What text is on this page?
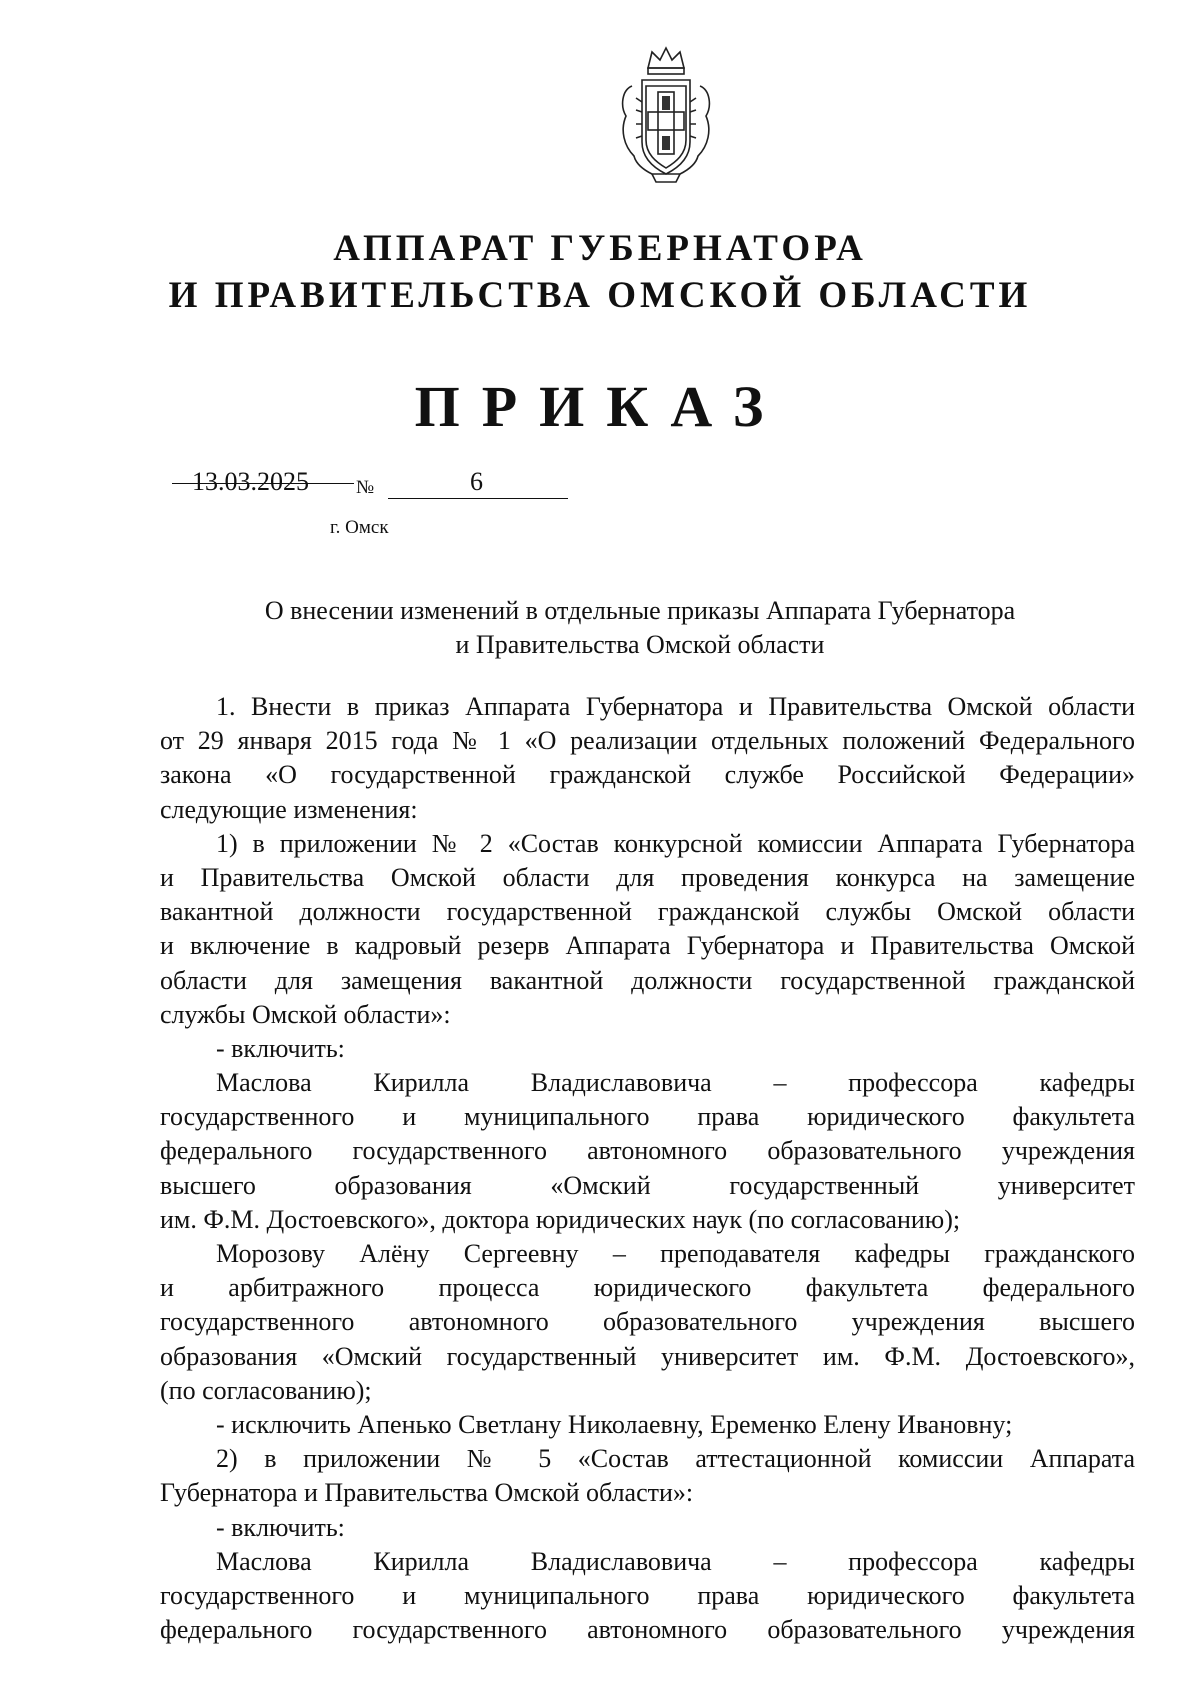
АППАРАТ ГУБЕРНАТОРА
И ПРАВИТЕЛЬСТВА ОМСКОЙ ОБЛАСТИ
ПРИКАЗ
13.03.2025 №	6
г. Омск
О внесении изменений в отдельные приказы Аппарата Губернатора
и Правительства Омской области
1. Внести в приказ Аппарата Губернатора и Правительства Омской области
от 29 января 2015 года № 1 «О реализации отдельных положений Федерального
закона «О государственной гражданской службе Российской Федерации»
следующие изменения:
1) в приложении № 2 «Состав конкурсной комиссии Аппарата Губернатора
и Правительства Омской области для проведения конкурса на замещение
вакантной должности государственной гражданской службы Омской области
и включение в кадровый резерв Аппарата Губернатора и Правительства Омской
области для замещения вакантной должности государственной гражданской
службы Омской области»:
- включить:
Маслова Кирилла Владиславовича – профессора кафедры
государственного и муниципального права юридического факультета
федерального государственного автономного образовательного учреждения
высшего образования «Омский государственный университет
им. Ф.М. Достоевского», доктора юридических наук (по согласованию);
Морозову Алёну Сергеевну – преподавателя кафедры гражданского
и арбитражного процесса юридического факультета федерального
государственного автономного образовательного учреждения высшего
образования «Омский государственный университет им. Ф.М. Достоевского»,
(по согласованию);
- исключить Апенько Светлану Николаевну, Еременко Елену Ивановну;
2) в приложении № 5 «Состав аттестационной комиссии Аппарата
Губернатора и Правительства Омской области»:
- включить:
Маслова Кирилла Владиславовича – профессора кафедры
государственного и муниципального права юридического факультета
федерального государственного автономного образовательного учреждения
